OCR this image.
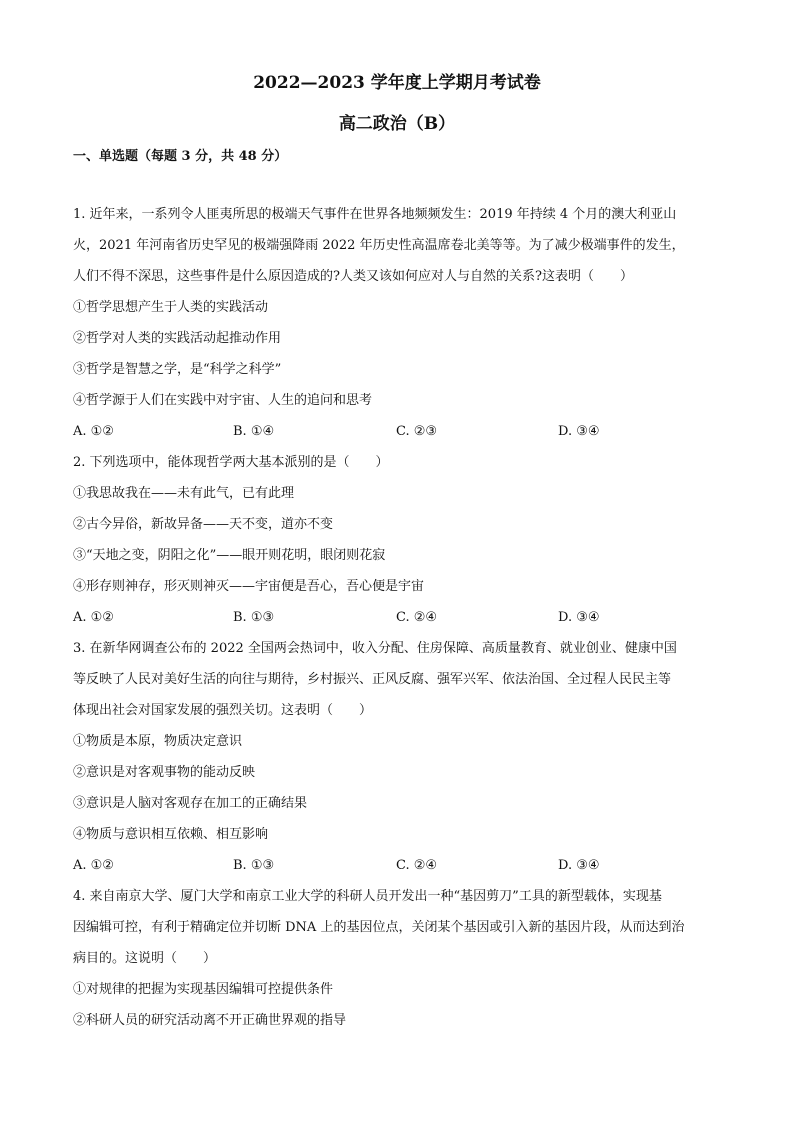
2022—2023 学年度上学期月考试卷
高二政治（B）
一、单选题（每题 3 分，共 48 分）
1. 近年来，一系列令人匪夷所思的极端天气事件在世界各地频频发生：2019 年持续 4 个月的澳大利亚山
火，2021 年河南省历史罕见的极端强降雨 2022 年历史性高温席卷北美等等。为了减少极端事件的发生，
人们不得不深思，这些事件是什么原因造成的?人类又该如何应对人与自然的关系?这表明（　　）
①哲学思想产生于人类的实践活动
②哲学对人类的实践活动起推动作用
③哲学是智慧之学，是“科学之科学”
④哲学源于人们在实践中对宇宙、人生的追问和思考
A. ①②	B. ①④	C. ②③	D. ③④
2. 下列选项中，能体现哲学两大基本派别的是（　　）
①我思故我在——未有此气，已有此理
②古今异俗，新故异备——天不变，道亦不变
③“天地之变，阴阳之化”——眼开则花明，眼闭则花寂
④形存则神存，形灭则神灭——宇宙便是吾心，吾心便是宇宙
A. ①②	B. ①③	C. ②④	D. ③④
3. 在新华网调查公布的 2022 全国两会热词中，收入分配、住房保障、高质量教育、就业创业、健康中国
等反映了人民对美好生活的向往与期待，乡村振兴、正风反腐、强军兴军、依法治国、全过程人民民主等
体现出社会对国家发展的强烈关切。这表明（　　）
①物质是本原，物质决定意识
②意识是对客观事物的能动反映
③意识是人脑对客观存在加工的正确结果
④物质与意识相互依赖、相互影响
A. ①②	B. ①③	C. ②④	D. ③④
4. 来自南京大学、厦门大学和南京工业大学的科研人员开发出一种“基因剪刀”工具的新型载体，实现基
因编辑可控，有利于精确定位并切断 DNA 上的基因位点，关闭某个基因或引入新的基因片段，从而达到治
病目的。这说明（　　）
①对规律的把握为实现基因编辑可控提供条件
②科研人员的研究活动离不开正确世界观的指导
